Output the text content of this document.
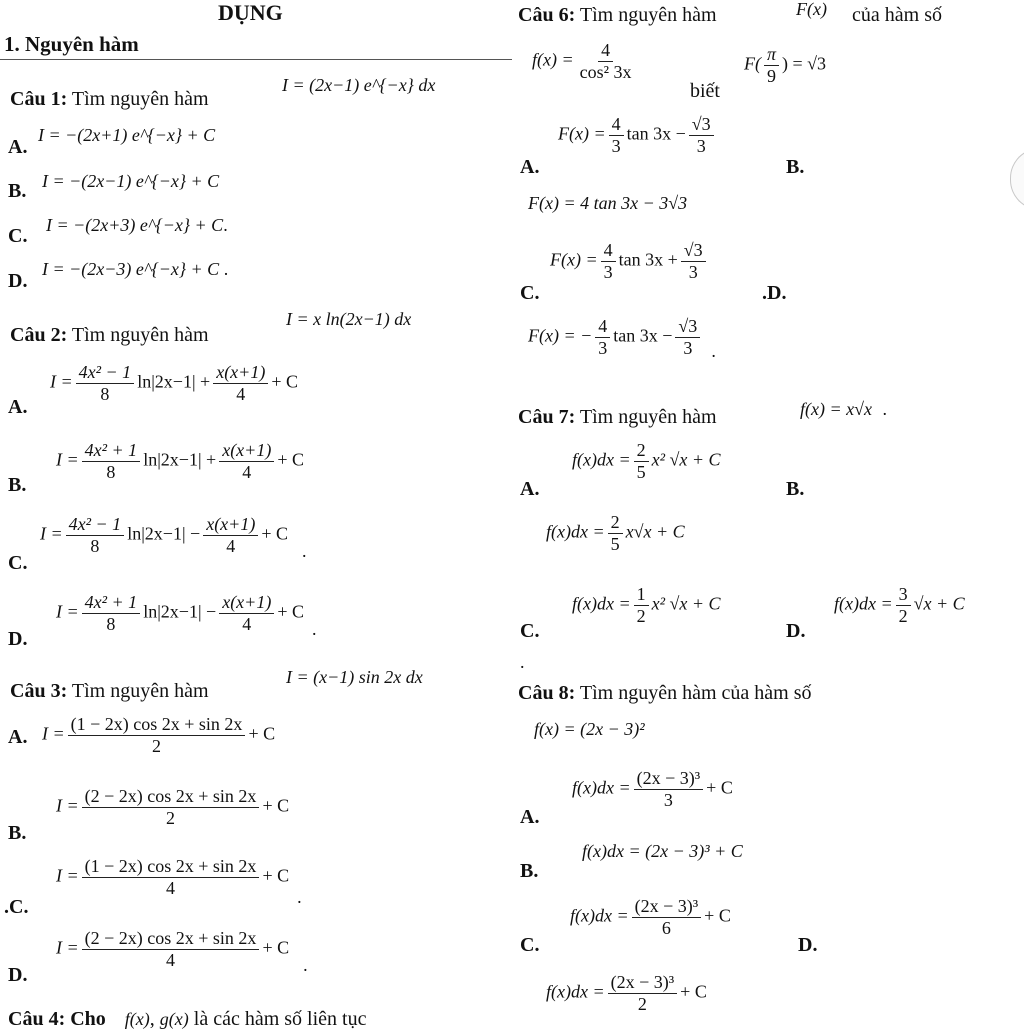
DỤNG
1. Nguyên hàm
Câu 1: Tìm nguyên hàm
I = (2x−1) e^{−x} dx
A.
I = −(2x+1) e^{−x} + C
B. I = −(2x−1) e^{−x} + C
C. I = −(2x+3) e^{−x} + C.
D.
I = −(2x−3) e^{−x} + C .
Câu 2: Tìm nguyên hàm
I = x ln(2x−1) dx
A.
$I = \frac{\text{4x² − 1}}{8} \ln|2x-1| + \frac{x(x+1)}{4} + C$
B.
$I = \frac{\text{4x² + 1}}{8} \ln|2x-1| + \frac{x(x+1)}{4} + C$
C.
$I = \frac{\text{4x² − 1}}{8} \ln|2x-1| - \frac{x(x+1)}{4} + C$.
D.
$I = \frac{\text{4x² + 1}}{8} \ln|2x-1| - \frac{x(x+1)}{4} + C$.
Câu 3: Tìm nguyên hàm
I = (x−1) sin 2x dx
A. $I = \frac{(1 - 2x) \cos 2x + \sin 2x}{2} + C$
B.
$I = \frac{(2 - 2x) \cos 2x + \sin 2x}{2} + C$
.C.
$I = \frac{(1 - 2x) \cos 2x + \sin 2x}{4} + C$.
D.
$I = \frac{(2 - 2x) \cos 2x + \sin 2x}{4} + C$.
Câu 4: Cho f(x), g(x) là các hàm số liên tục
Câu 6: Tìm nguyên hàm	F(x) của hàm số
$f(x) = \frac{4}{\text{cos² 3x}}$
biết
$F( \frac{\pi}{9}$ ) = √3
A.
$F(x) = \frac{4}{3}$ $\tan 3x - \frac{√3}{3}$
B.
F(x) = 4 tan 3x − 3√3
C.
$F(x) = \frac{4}{3}$ $\tan 3x + \frac{√3}{3}$
.D.
F(x) = − $\frac{4}{3}$ $\tan 3x - \frac{√3}{3}$ .
Câu 7: Tìm nguyên hàm	f(x) = x√x .
A.
$f(x)dx = \frac{2}{5} x^2$ √x + C
B.
$f(x)dx = \frac{2}{5} x√x + C$
C.
$f(x)dx = \frac{1}{2} x^2$ √x + C
D.
$f(x)dx = \frac{3}{2} √x + C$
.
Câu 8: Tìm nguyên hàm của hàm số
f(x) = (2x − 3)²
A.
$f(x)dx = \frac{\text{(2x − 3)³}}{3} + C$
B.
f(x)dx = (2x − 3)³ + C
C.
$f(x)dx = \frac{\text{(2x − 3)³}}{6} + C$
D.
$f(x)dx = \frac{\text{(2x − 3)³}}{2} + C$
